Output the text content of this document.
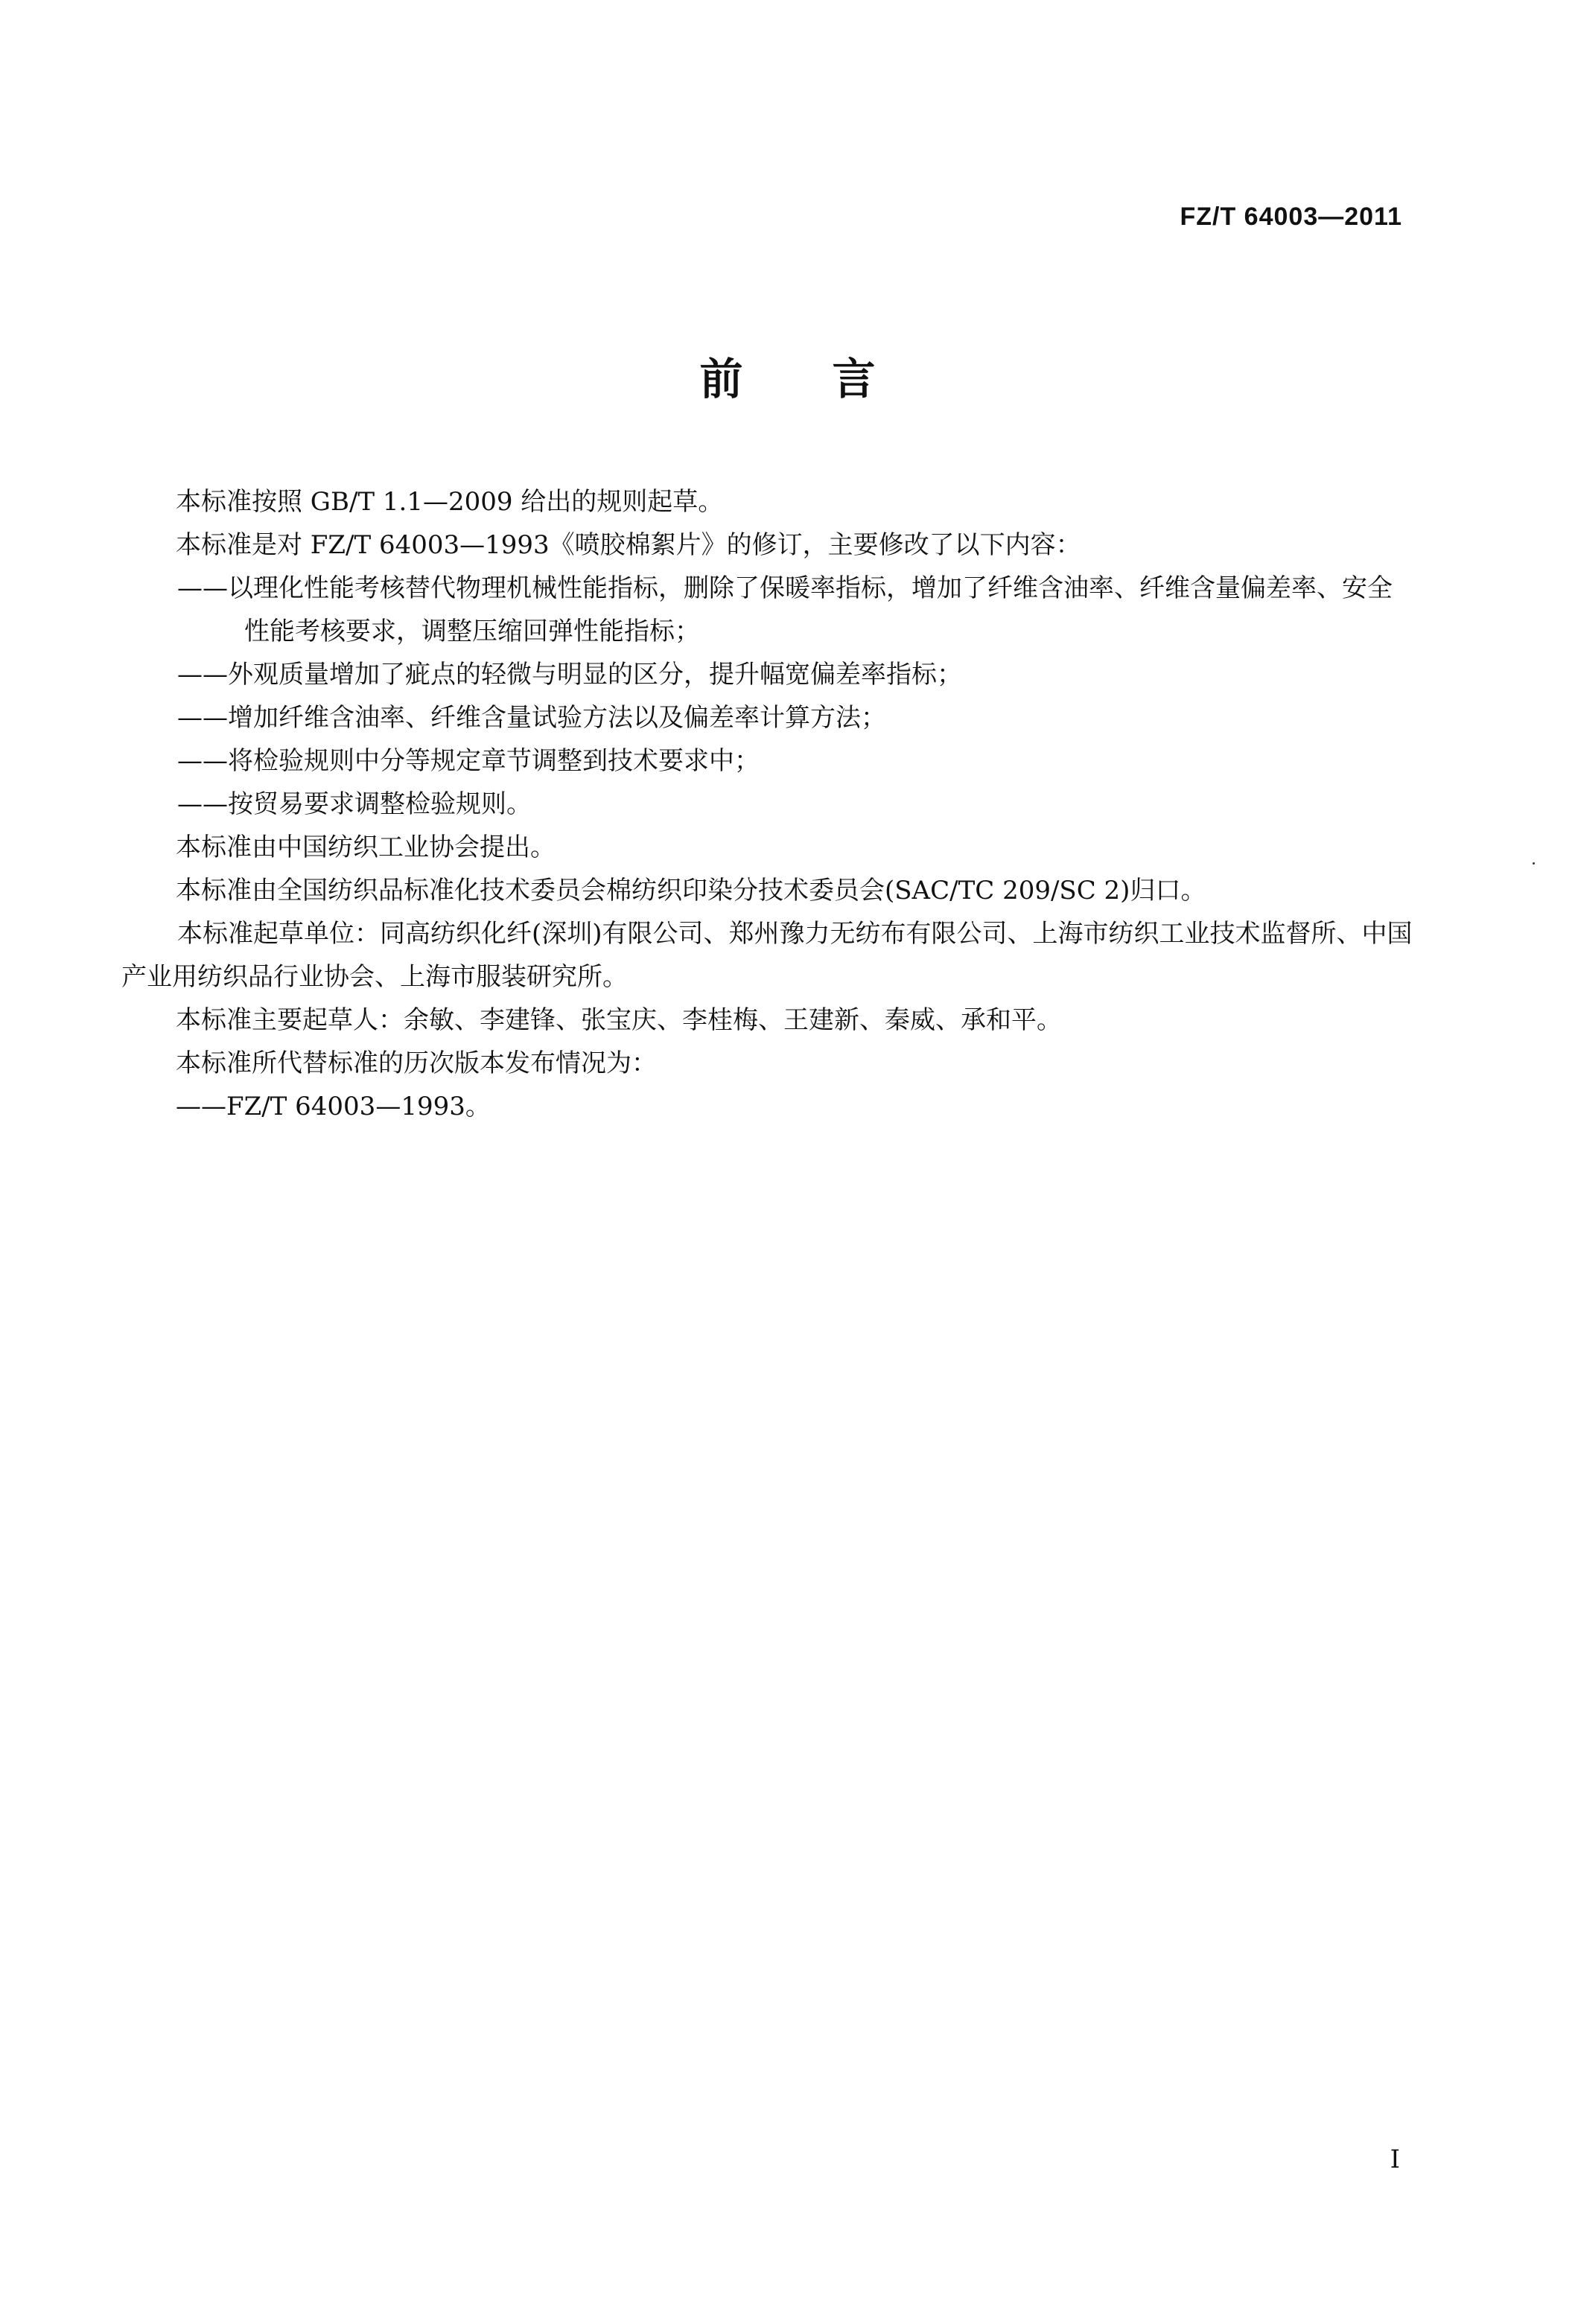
FZ/T 64003—2011
前言

本标准按照 GB/T 1.1—2009 给出的规则起草。

本标准是对 FZ/T 64003—1993《喷胶棉絮片》的修订，主要修改了以下内容：

——以理化性能考核替代物理机械性能指标，删除了保暖率指标，增加了纤维含油率、纤维含量偏差率、安全性能考核要求，调整压缩回弹性能指标；

——外观质量增加了疵点的轻微与明显的区分，提升幅宽偏差率指标；

——增加纤维含油率、纤维含量试验方法以及偏差率计算方法；

——将检验规则中分等规定章节调整到技术要求中；

——按贸易要求调整检验规则。

本标准由中国纺织工业协会提出。

本标准由全国纺织品标准化技术委员会棉纺织印染分技术委员会(SAC/TC 209/SC 2)归口。

本标准起草单位：同高纺织化纤(深圳)有限公司、郑州豫力无纺布有限公司、上海市纺织工业技术监督所、中国产业用纺织品行业协会、上海市服装研究所。

本标准主要起草人：余敏、李建锋、张宝庆、李桂梅、王建新、秦威、承和平。

本标准所代替标准的历次版本发布情况为：

——FZ/T 64003—1993。

I
